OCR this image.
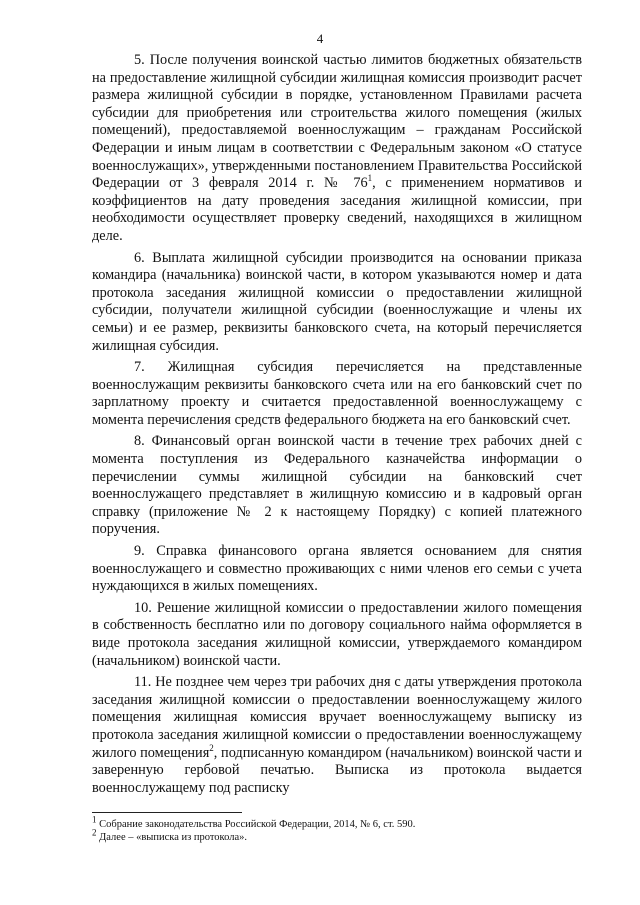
4

5. После получения воинской частью лимитов бюджетных обязательств на предоставление жилищной субсидии жилищная комиссия производит расчет размера жилищной субсидии в порядке, установленном Правилами расчета субсидии для приобретения или строительства жилого помещения (жилых помещений), предоставляемой военнослужащим – гражданам Российской Федерации и иным лицам в соответствии с Федеральным законом «О статусе военнослужащих», утвержденными постановлением Правительства Российской Федерации от 3 февраля 2014 г. № $76^1$, с применением нормативов и коэффициентов на дату проведения заседания жилищной комиссии, при необходимости осуществляет проверку сведений, находящихся в жилищном деле.

6. Выплата жилищной субсидии производится на основании приказа командира (начальника) воинской части, в котором указываются номер и дата протокола заседания жилищной комиссии о предоставлении жилищной субсидии, получатели жилищной субсидии (военнослужащие и члены их семьи) и ее размер, реквизиты банковского счета, на который перечисляется жилищная субсидия.

7. Жилищная субсидия перечисляется на представленные военнослужащим реквизиты банковского счета или на его банковский счет по зарплатному проекту и считается предоставленной военнослужащему с момента перечисления средств федерального бюджета на его банковский счет.

8. Финансовый орган воинской части в течение трех рабочих дней с момента поступления из Федерального казначейства информации о перечислении суммы жилищной субсидии на банковский счет военнослужащего представляет в жилищную комиссию и в кадровый орган справку (приложение № 2 к настоящему Порядку) с копией платежного поручения.

9. Справка финансового органа является основанием для снятия военнослужащего и совместно проживающих с ними членов его семьи с учета нуждающихся в жилых помещениях.

10. Решение жилищной комиссии о предоставлении жилого помещения в собственность бесплатно или по договору социального найма оформляется в виде протокола заседания жилищной комиссии, утверждаемого командиром (начальником) воинской части.

11. Не позднее чем через три рабочих дня с даты утверждения протокола заседания жилищной комиссии о предоставлении военнослужащему жилого помещения жилищная комиссия вручает военнослужащему выписку из протокола заседания жилищной комиссии о предоставлении военнослужащему жилого помещения$^2$, подписанную командиром (начальником) воинской части и заверенную гербовой печатью. Выписка из протокола выдается военнослужащему под расписку

$^1$ Собрание законодательства Российской Федерации, 2014, № 6, ст. 590.

$^2$ Далее – «выписка из протокола».
